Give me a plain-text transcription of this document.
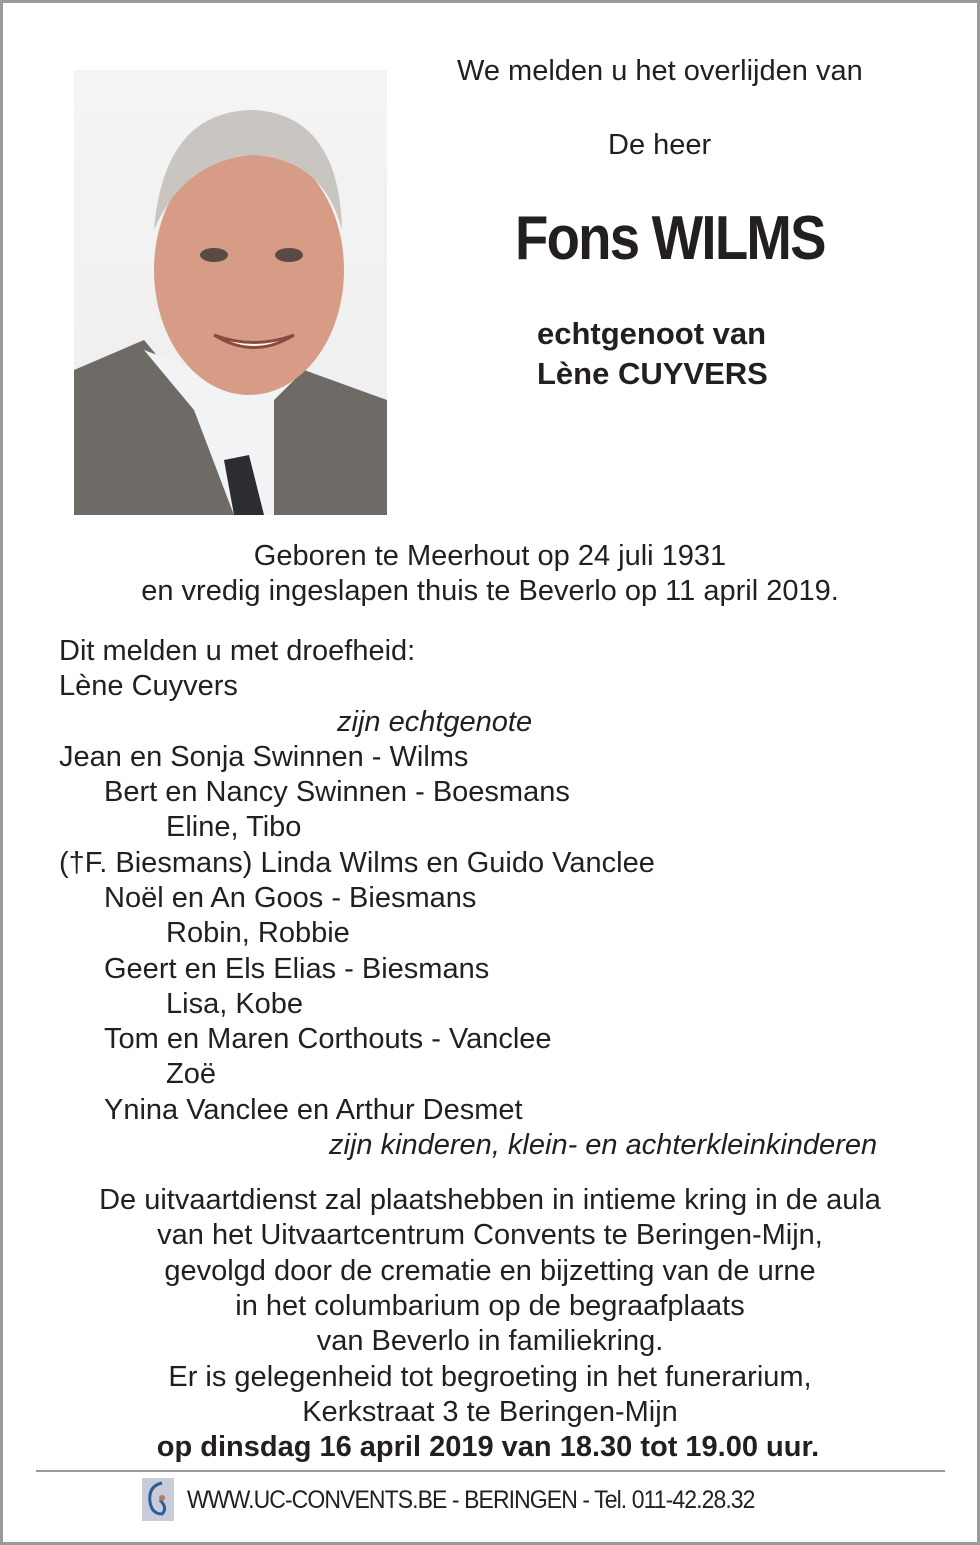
We melden u het overlijden van
De heer
Fons WILMS
echtgenoot van
Lène CUYVERS
Geboren te Meerhout op 24 juli 1931
en vredig ingeslapen thuis te Beverlo op 11 april 2019.
Dit melden u met droefheid:
Lène Cuyvers
zijn echtgenote
Jean en Sonja Swinnen - Wilms
Bert en Nancy Swinnen - Boesmans
Eline, Tibo
(†F. Biesmans) Linda Wilms en Guido Vanclee
Noël en An Goos - Biesmans
Robin, Robbie
Geert en Els Elias - Biesmans
Lisa, Kobe
Tom en Maren Corthouts - Vanclee
Zoë
Ynina Vanclee en Arthur Desmet
zijn kinderen, klein- en achterkleinkinderen
De uitvaartdienst zal plaatshebben in intieme kring in de aula
van het Uitvaartcentrum Convents te Beringen-Mijn,
gevolgd door de crematie en bijzetting van de urne
in het columbarium op de begraafplaats
van Beverlo in familiekring.
Er is gelegenheid tot begroeting in het funerarium,
Kerkstraat 3 te Beringen-Mijn
op dinsdag 16 april 2019 van 18.30 tot 19.00 uur.
WWW.UC-CONVENTS.BE - BERINGEN - Tel. 011-42.28.32
